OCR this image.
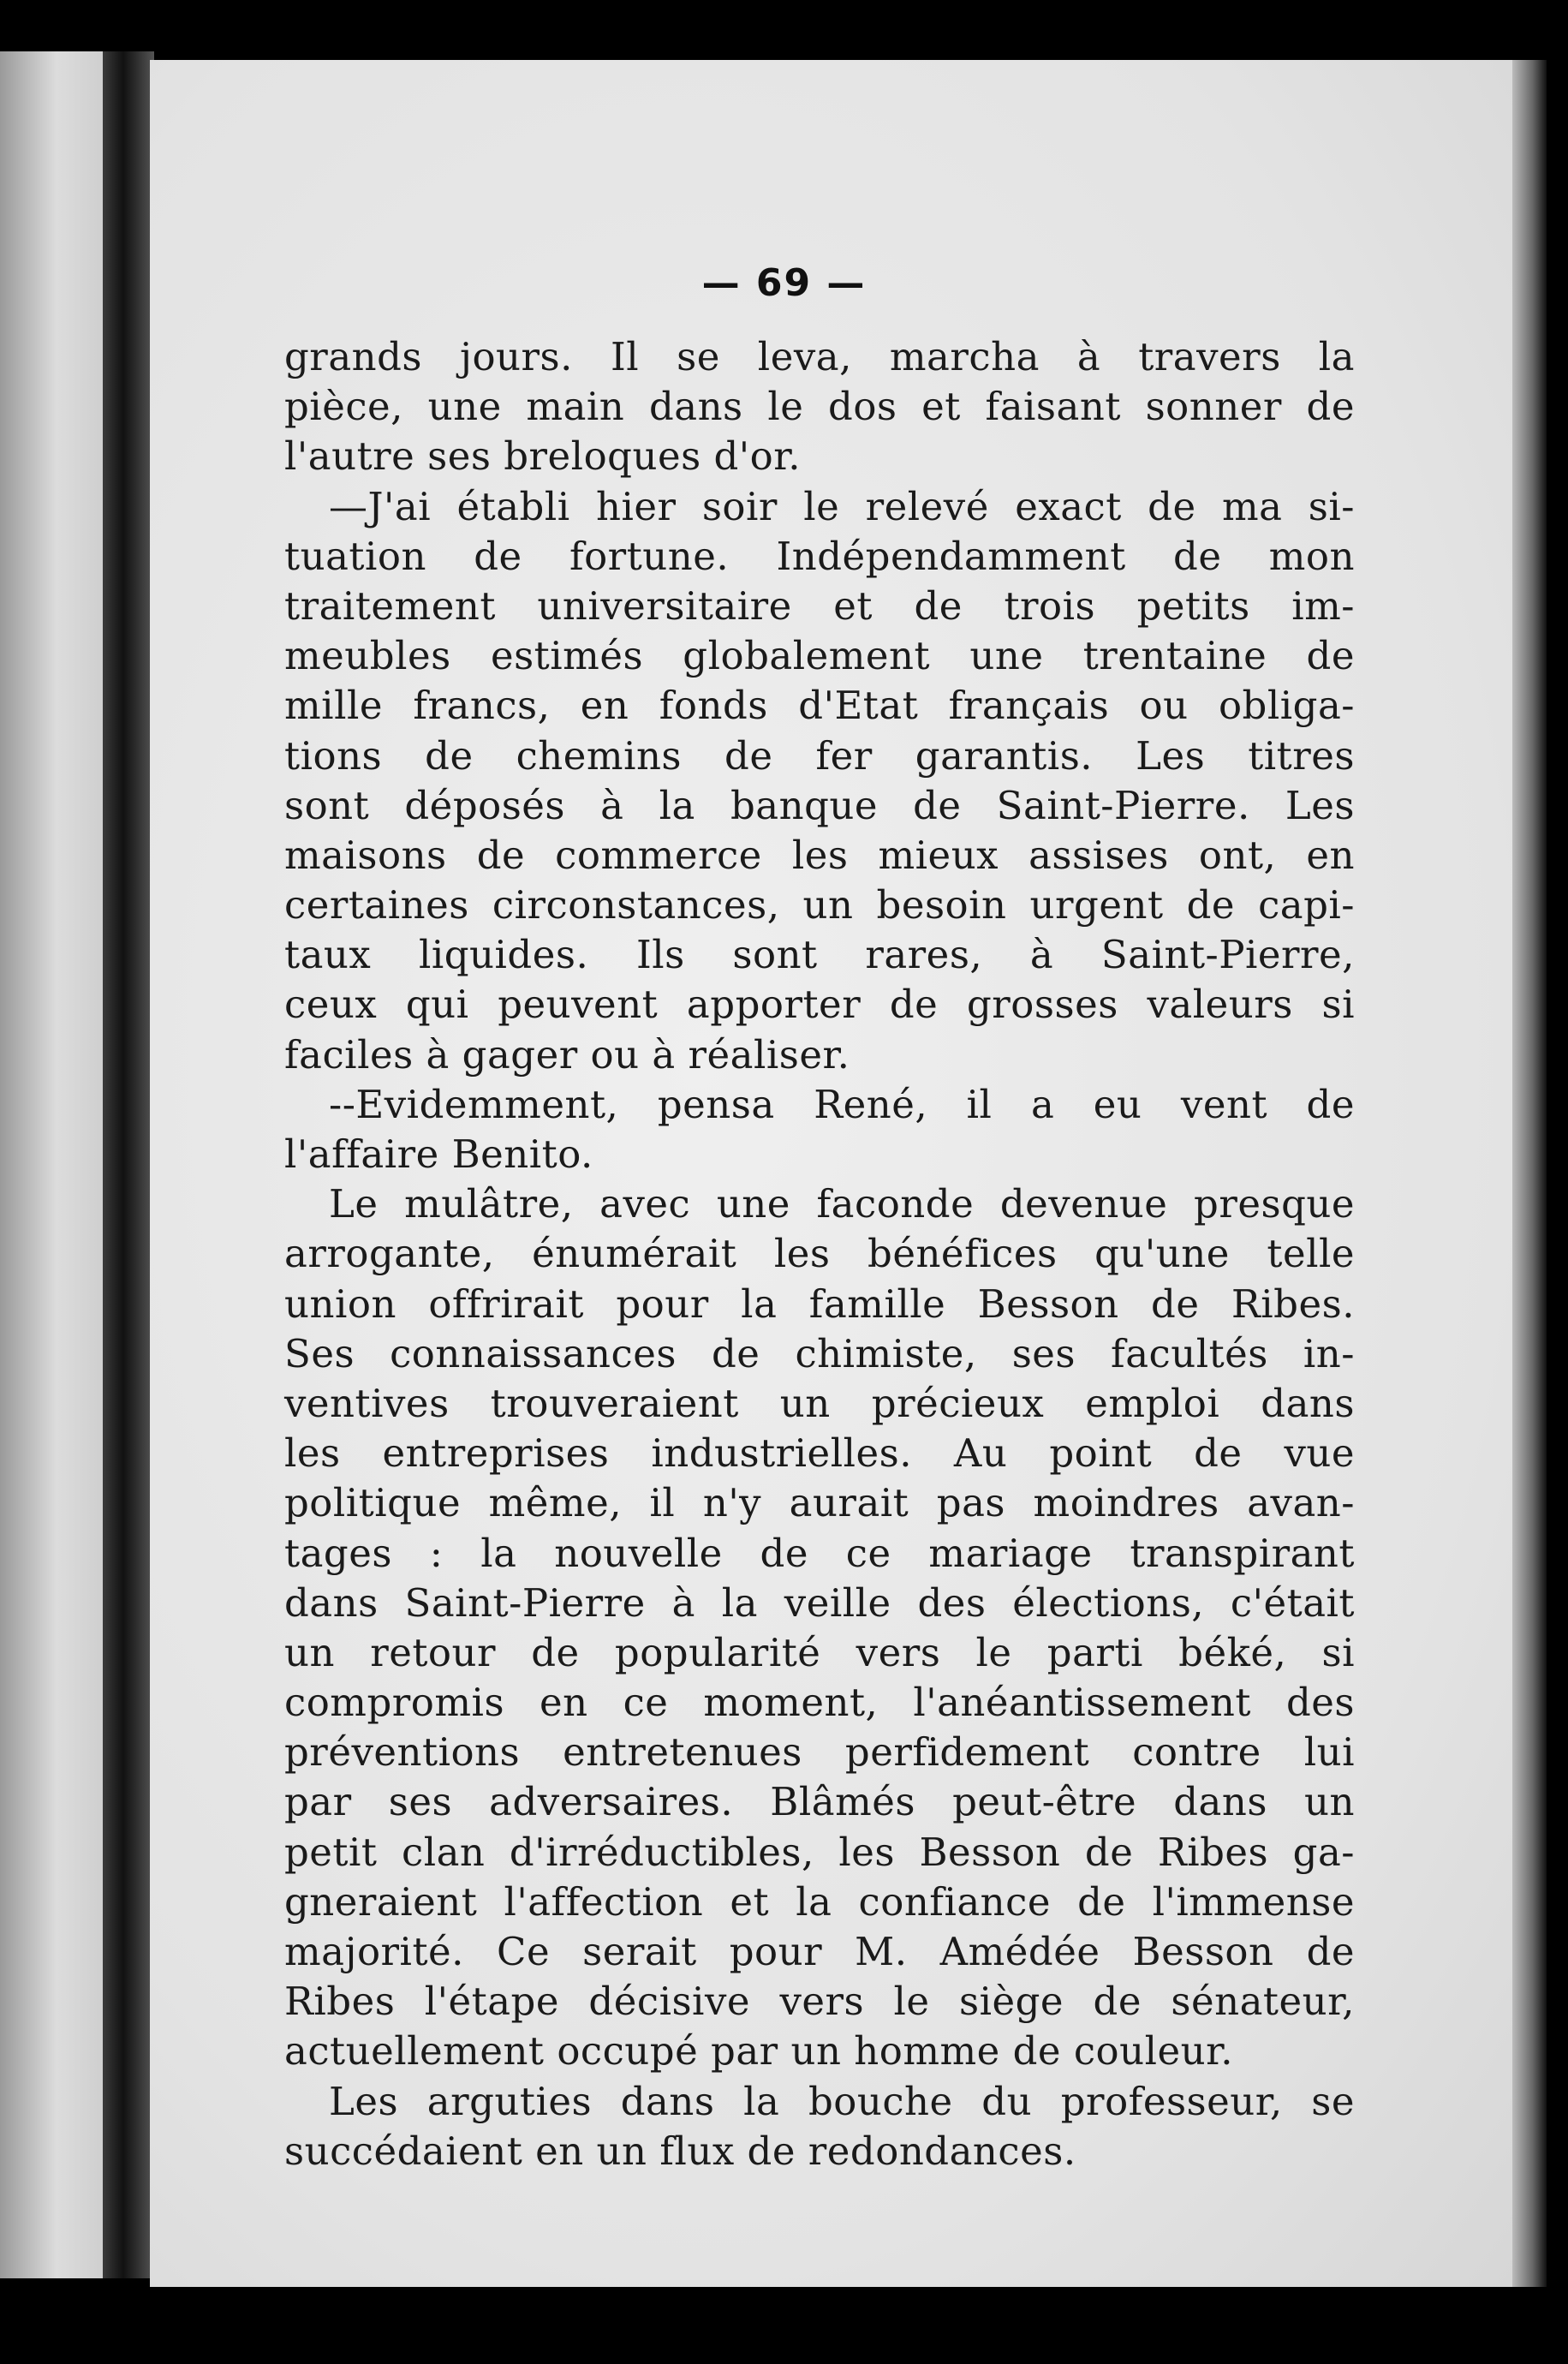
— 69 —
grands jours. Il se leva, marcha à travers la
pièce, une main dans le dos et faisant sonner de
l'autre ses breloques d'or.
—J'ai établi hier soir le relevé exact de ma si-
tuation de fortune. Indépendamment de mon
traitement universitaire et de trois petits im-
meubles estimés globalement une trentaine de
mille francs, en fonds d'Etat français ou obliga-
tions de chemins de fer garantis. Les titres
sont déposés à la banque de Saint-Pierre. Les
maisons de commerce les mieux assises ont, en
certaines circonstances, un besoin urgent de capi-
taux liquides. Ils sont rares, à Saint-Pierre,
ceux qui peuvent apporter de grosses valeurs si
faciles à gager ou à réaliser.
--Evidemment, pensa René, il a eu vent de
l'affaire Benito.
Le mulâtre, avec une faconde devenue presque
arrogante, énumérait les bénéfices qu'une telle
union offrirait pour la famille Besson de Ribes.
Ses connaissances de chimiste, ses facultés in-
ventives trouveraient un précieux emploi dans
les entreprises industrielles. Au point de vue
politique même, il n'y aurait pas moindres avan-
tages : la nouvelle de ce mariage transpirant
dans Saint-Pierre à la veille des élections, c'était
un retour de popularité vers le parti béké, si
compromis en ce moment, l'anéantissement des
préventions entretenues perfidement contre lui
par ses adversaires. Blâmés peut-être dans un
petit clan d'irréductibles, les Besson de Ribes ga-
gneraient l'affection et la confiance de l'immense
majorité. Ce serait pour M. Amédée Besson de
Ribes l'étape décisive vers le siège de sénateur,
actuellement occupé par un homme de couleur.
Les arguties dans la bouche du professeur, se
succédaient en un flux de redondances.
